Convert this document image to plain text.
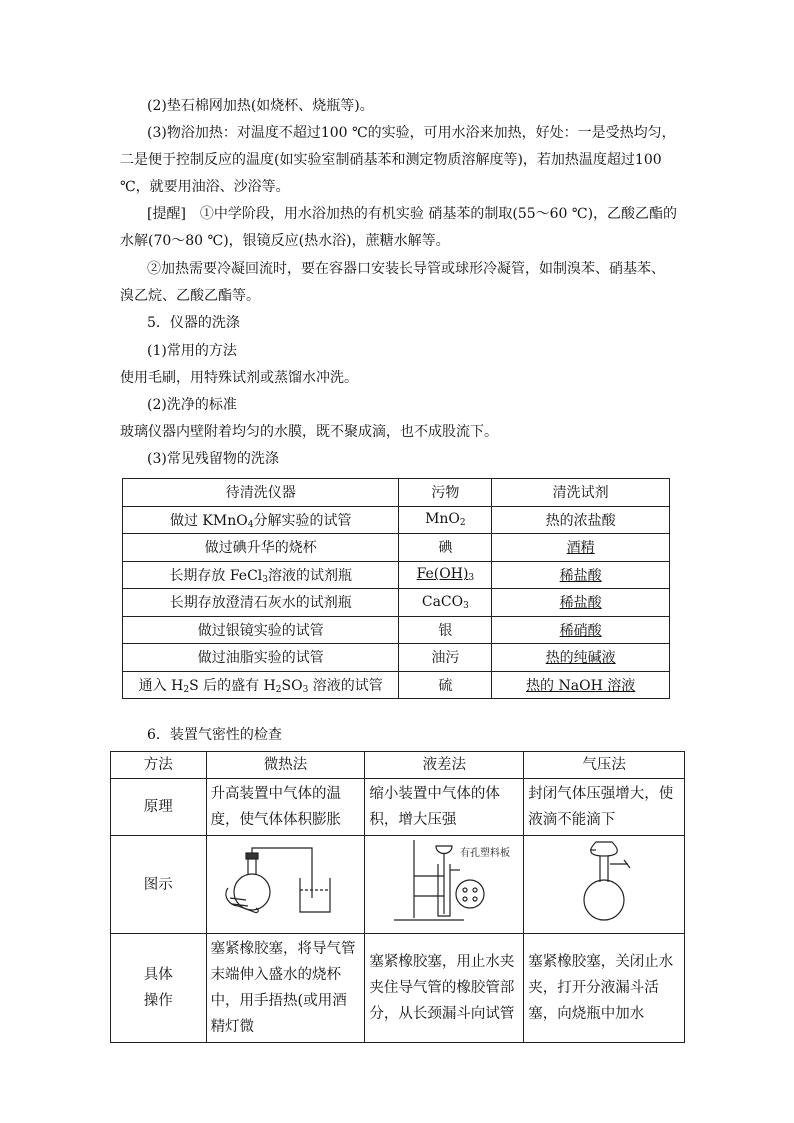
(2)垫石棉网加热(如烧杯、烧瓶等)。

(3)物浴加热：对温度不超过100 ℃的实验，可用水浴来加热，好处：一是受热均匀，

二是便于控制反应的温度(如实验室制硝基苯和测定物质溶解度等)，若加热温度超过100

℃，就要用油浴、沙浴等。

[提醒]　①中学阶段，用水浴加热的有机实验 硝基苯的制取(55～60 ℃)，乙酸乙酯的

水解(70～80 ℃)，银镜反应(热水浴)，蔗糖水解等。

②加热需要冷凝回流时，要在容器口安装长导管或球形冷凝管，如制溴苯、硝基苯、

溴乙烷、乙酸乙酯等。

5．仪器的洗涤

(1)常用的方法

使用毛刷，用特殊试剂或蒸馏水冲洗。

(2)洗净的标准

玻璃仪器内壁附着均匀的水膜，既不聚成滴，也不成股流下。

(3)常见残留物的洗涤

待清洗仪器	污物	清洗试剂
做过 KMnO$_4$分解实验的试管	MnO$_2$	热的浓盐酸
做过碘升华的烧杯	碘	酒精
长期存放 FeCl$_3$溶液的试剂瓶	$Fe(OH)_3$	稀盐酸
长期存放澄清石灰水的试剂瓶	CaCO$_3$	稀盐酸
做过银镜实验的试管	银	稀硝酸
做过油脂实验的试管	油污	热的纯碱液
通入 $H_2S$ 后的盛有 $H_2SO_3$ 溶液的试管	硫	热的 NaOH 溶液

6．装置气密性的检查

方法	微热法	液差法	气压法
原理	升高装置中气体的温度，使气体体积膨胀	缩小装置中气体的体积，增大压强	封闭气体压强增大，使液滴不能滴下
图示		有孔塑料板

具体操作	塞紧橡胶塞，将导气管末端伸入盛水的烧杯中，用手捂热(或用酒精灯微	塞紧橡胶塞，用止水夹夹住导气管的橡胶管部分，从长颈漏斗向试管	塞紧橡胶塞，关闭止水夹，打开分液漏斗活塞，向烧瓶中加水
